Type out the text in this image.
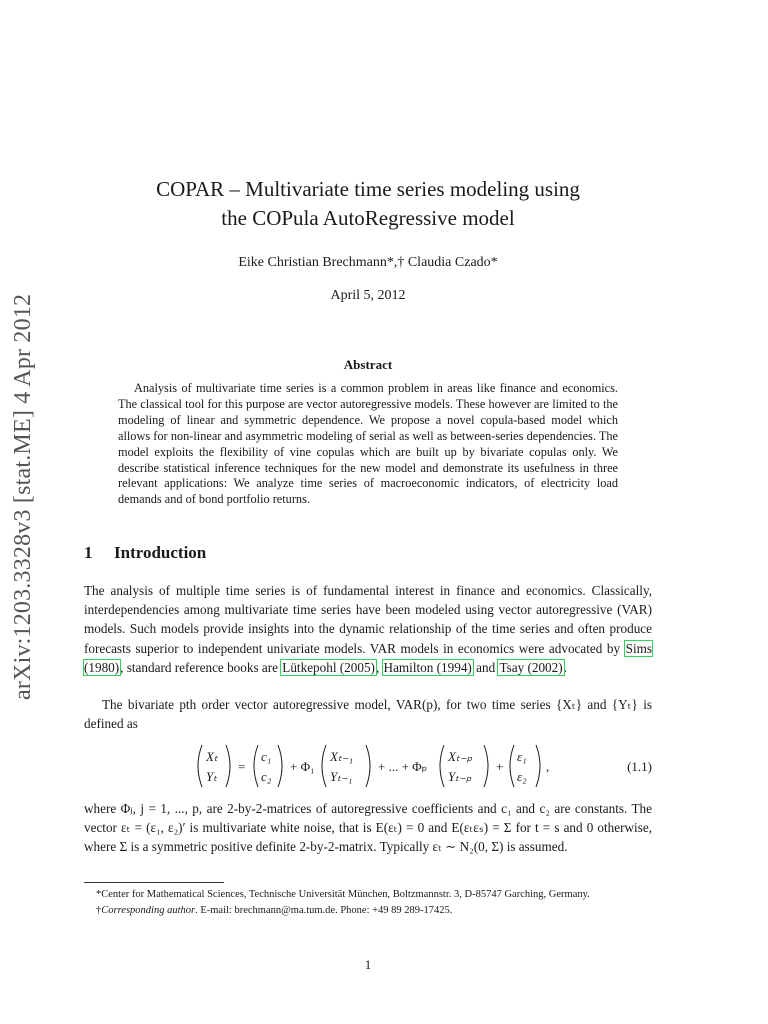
arXiv:1203.3328v3 [stat.ME] 4 Apr 2012
COPAR – Multivariate time series modeling using
the COPula AutoRegressive model
Eike Christian Brechmann*,† Claudia Czado*
April 5, 2012
Abstract
Analysis of multivariate time series is a common problem in areas like finance and economics. The classical tool for this purpose are vector autoregressive models. These however are limited to the modeling of linear and symmetric dependence. We propose a novel copula-based model which allows for non-linear and asymmetric modeling of serial as well as between-series dependencies. The model exploits the flexibility of vine copulas which are built up by bivariate copulas only. We describe statistical inference techniques for the new model and demonstrate its usefulness in three relevant applications: We analyze time series of macroeconomic indicators, of electricity load demands and of bond portfolio returns.
1 Introduction
The analysis of multiple time series is of fundamental interest in finance and economics. Classically, interdependencies among multivariate time series have been modeled using vector autoregressive (VAR) models. Such models provide insights into the dynamic relationship of the time series and often produce forecasts superior to independent univariate models. VAR models in economics were advocated by Sims (1980), standard reference books are Lütkepohl (2005), Hamilton (1994) and Tsay (2002).
The bivariate pth order vector autoregressive model, VAR(p), for two time series {Xₜ} and {Yₜ} is defined as
Xₜ
Yₜ
=
c₁
c₂
+ Φ₁
Xₜ₋₁
Yₜ₋₁
+ ... + Φₚ
Xₜ₋ₚ
Yₜ₋ₚ
+
ε₁
ε₂
,	(1.1)
where Φⱼ, j = 1, ..., p, are 2-by-2-matrices of autoregressive coefficients and c₁ and c₂ are constants. The vector εₜ = (ε₁, ε₂)′ is multivariate white noise, that is E(εₜ) = 0 and E(εₜεₛ) = Σ for t = s and 0 otherwise, where Σ is a symmetric positive definite 2-by-2-matrix. Typically εₜ ∼ N₂(0, Σ) is assumed.

*Center for Mathematical Sciences, Technische Universität München, Boltzmannstr. 3, D-85747 Garching, Germany.

†Corresponding author. E-mail: brechmann@ma.tum.de. Phone: +49 89 289-17425.

1
